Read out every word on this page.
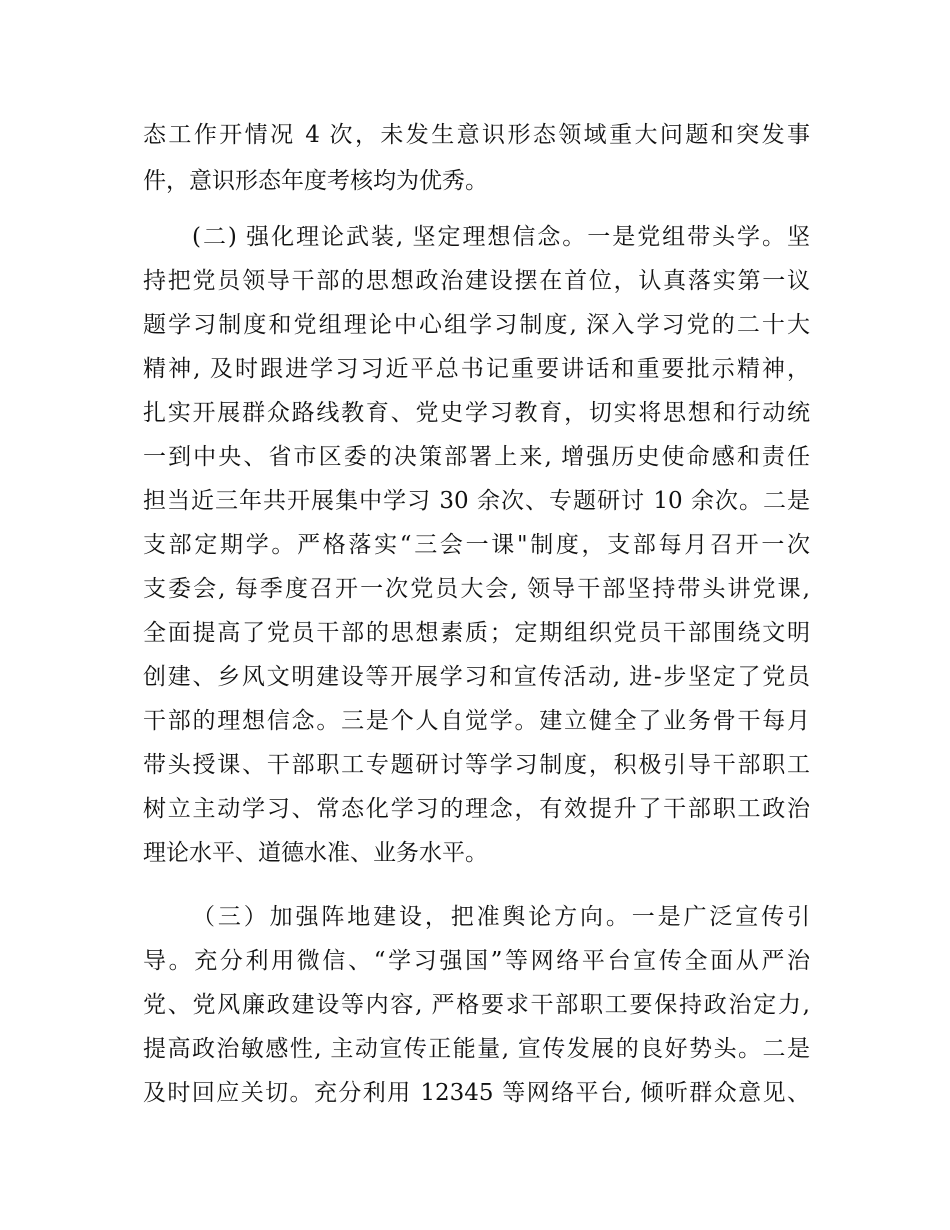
态工作开情况 4 次，未发生意识形态领域重大问题和突发事
件，意识形态年度考核均为优秀。
(二) 强化理论武装, 坚定理想信念。一是党组带头学。坚
持把党员领导干部的思想政治建设摆在首位，认真落实第一议
题学习制度和党组理论中心组学习制度, 深入学习党的二十大
精神, 及时跟进学习习近平总书记重要讲话和重要批示精神，
扎实开展群众路线教育、党史学习教育，切实将思想和行动统
一到中央、省市区委的决策部署上来, 增强历史使命感和责任
担当近三年共开展集中学习 30 余次、专题研讨 10 余次。二是
支部定期学。严格落实“三会一课"制度，支部每月召开一次
支委会, 每季度召开一次党员大会, 领导干部坚持带头讲党课,
全面提高了党员干部的思想素质；定期组织党员干部围绕文明
创建、乡风文明建设等开展学习和宣传活动, 进-步坚定了党员
干部的理想信念。三是个人自觉学。建立健全了业务骨干每月
带头授课、干部职工专题研讨等学习制度，积极引导干部职工
树立主动学习、常态化学习的理念，有效提升了干部职工政治
理论水平、道德水准、业务水平。
（三）加强阵地建设，把准舆论方向。一是广泛宣传引
导。充分利用微信、“学习强国”等网络平台宣传全面从严治
党、党风廉政建设等内容, 严格要求干部职工要保持政治定力,
提高政治敏感性, 主动宣传正能量, 宣传发展的良好势头。二是
及时回应关切。充分利用 12345 等网络平台, 倾听群众意见、
